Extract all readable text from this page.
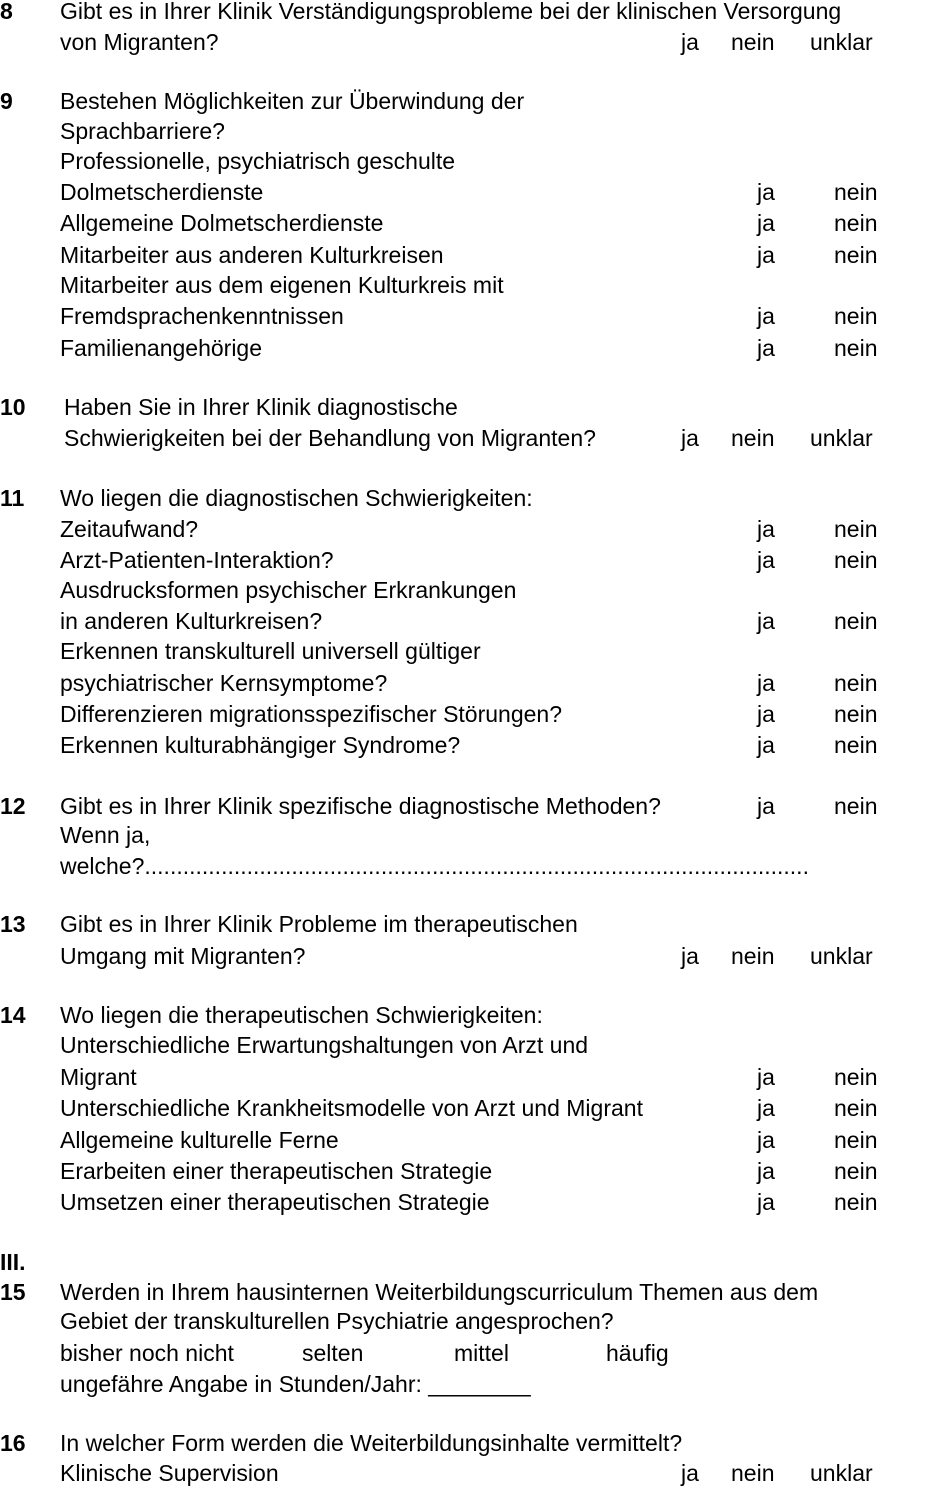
8 Gibt es in Ihrer Klinik Verständigungsprobleme bei der klinischen Versorgung
von Migranten?	ja nein unklar
9 Bestehen Möglichkeiten zur Überwindung der
Sprachbarriere?
Professionelle, psychiatrisch geschulte
Dolmetscherdienste	ja	nein
Allgemeine Dolmetscherdienste	ja	nein
Mitarbeiter aus anderen Kulturkreisen	ja	nein
Mitarbeiter aus dem eigenen Kulturkreis mit
Fremdsprachenkenntnissen	ja	nein
Familienangehörige	ja	nein
10 Haben Sie in Ihrer Klinik diagnostische
Schwierigkeiten bei der Behandlung von Migranten?	ja nein unklar
11 Wo liegen die diagnostischen Schwierigkeiten:
Zeitaufwand?	ja	nein
Arzt-Patienten-Interaktion?	ja	nein
Ausdrucksformen psychischer Erkrankungen
in anderen Kulturkreisen?	ja	nein
Erkennen transkulturell universell gültiger
psychiatrischer Kernsymptome?	ja	nein
Differenzieren migrationsspezifischer Störungen?	ja	nein
Erkennen kulturabhängiger Syndrome?	ja	nein
12 Gibt es in Ihrer Klinik spezifische diagnostische Methoden?	ja	nein
Wenn ja,
welche?........................................................................................................
13 Gibt es in Ihrer Klinik Probleme im therapeutischen
Umgang mit Migranten?	ja nein unklar
14 Wo liegen die therapeutischen Schwierigkeiten:
Unterschiedliche Erwartungshaltungen von Arzt und
Migrant	ja	nein
Unterschiedliche Krankheitsmodelle von Arzt und Migrant	ja	nein
Allgemeine kulturelle Ferne	ja	nein
Erarbeiten einer therapeutischen Strategie	ja	nein
Umsetzen einer therapeutischen Strategie	ja	nein
III.
15 Werden in Ihrem hausinternen Weiterbildungscurriculum Themen aus dem
Gebiet der transkulturellen Psychiatrie angesprochen?
bisher noch nicht	selten	mittel	häufig
ungefähre Angabe in Stunden/Jahr: ________
16 In welcher Form werden die Weiterbildungsinhalte vermittelt?
Klinische Supervision	ja nein unklar
